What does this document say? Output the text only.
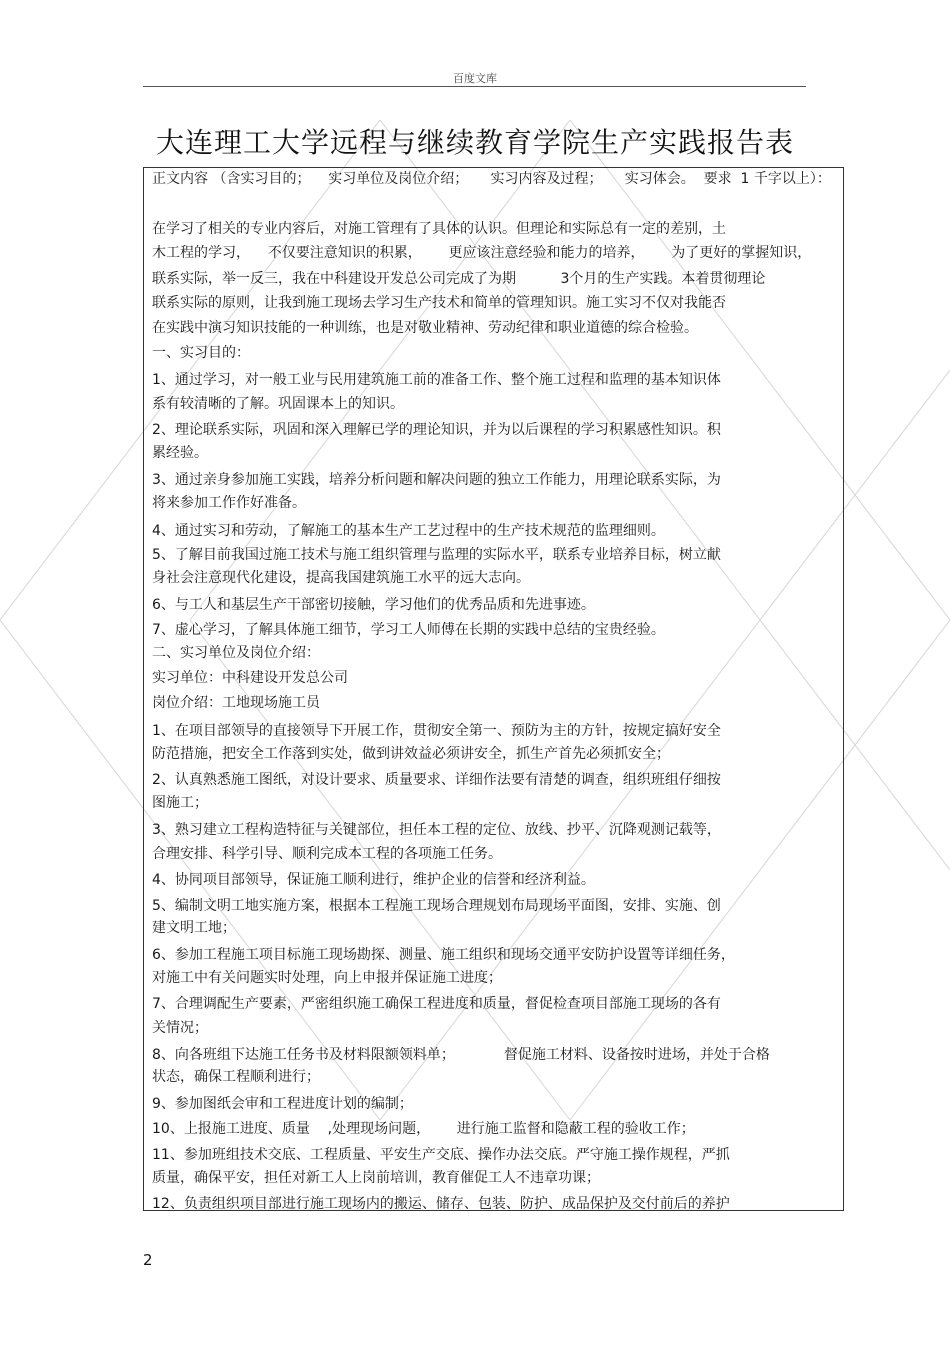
百度文库
大连理工大学远程与继续教育学院生产实践报告表
正文内容 （含实习目的；    实习单位及岗位介绍；     实习内容及过程；     实习体会。  要求  1 千字以上）：
在学习了相关的专业内容后，对施工管理有了具体的认识。但理论和实际总有一定的差别，土
木工程的学习，    不仅要注意知识的积累，      更应该注意经验和能力的培养，      为了更好的掌握知识，
联系实际，举一反三，我在中科建设开发总公司完成了为期          3个月的生产实践。本着贯彻理论
联系实际的原则，让我到施工现场去学习生产技术和简单的管理知识。施工实习不仅对我能否
在实践中演习知识技能的一种训练，也是对敬业精神、劳动纪律和职业道德的综合检验。
一、实习目的：
1、通过学习，对一般工业与民用建筑施工前的准备工作、整个施工过程和监理的基本知识体
系有较清晰的了解。巩固课本上的知识。
2、理论联系实际，巩固和深入理解已学的理论知识，并为以后课程的学习积累感性知识。积
累经验。
3、通过亲身参加施工实践，培养分析问题和解决问题的独立工作能力，用理论联系实际，为
将来参加工作作好准备。
4、通过实习和劳动，了解施工的基本生产工艺过程中的生产技术规范的监理细则。
5、了解目前我国过施工技术与施工组织管理与监理的实际水平，联系专业培养目标，树立献
身社会注意现代化建设，提高我国建筑施工水平的远大志向。
6、与工人和基层生产干部密切接触，学习他们的优秀品质和先进事迹。
7、虚心学习，了解具体施工细节，学习工人师傅在长期的实践中总结的宝贵经验。
二、实习单位及岗位介绍：
实习单位：中科建设开发总公司
岗位介绍：工地现场施工员
1、在项目部领导的直接领导下开展工作，贯彻安全第一、预防为主的方针，按规定搞好安全
防范措施，把安全工作落到实处，做到讲效益必须讲安全，抓生产首先必须抓安全；
2、认真熟悉施工图纸，对设计要求、质量要求、详细作法要有清楚的调查，组织班组仔细按
图施工；
3、熟习建立工程构造特征与关键部位，担任本工程的定位、放线、抄平、沉降观测记载等，
合理安排、科学引导、顺利完成本工程的各项施工任务。
4、协同项目部领导，保证施工顺利进行，维护企业的信誉和经济利益。
5、编制文明工地实施方案，根据本工程施工现场合理规划布局现场平面图，安排、实施、创
建文明工地；
6、参加工程施工项目标施工现场勘探、测量、施工组织和现场交通平安防护设置等详细任务，
对施工中有关问题实时处理，向上申报并保证施工进度；
7、合理调配生产要素，严密组织施工确保工程进度和质量，督促检查项目部施工现场的各有
关情况；
8、向各班组下达施工任务书及材料限额领料单；           督促施工材料、设备按时进场，并处于合格
状态，确保工程顺利进行；
9、参加图纸会审和工程进度计划的编制；
10、上报施工进度、质量    ,处理现场问题，      进行施工监督和隐蔽工程的验收工作；
11、参加班组技术交底、工程质量、平安生产交底、操作办法交底。严守施工操作规程，严抓
质量，确保平安，担任对新工人上岗前培训，教育催促工人不违章功课；
12、负责组织项目部进行施工现场内的搬运、储存、包装、防护、成品保护及交付前后的养护
2
